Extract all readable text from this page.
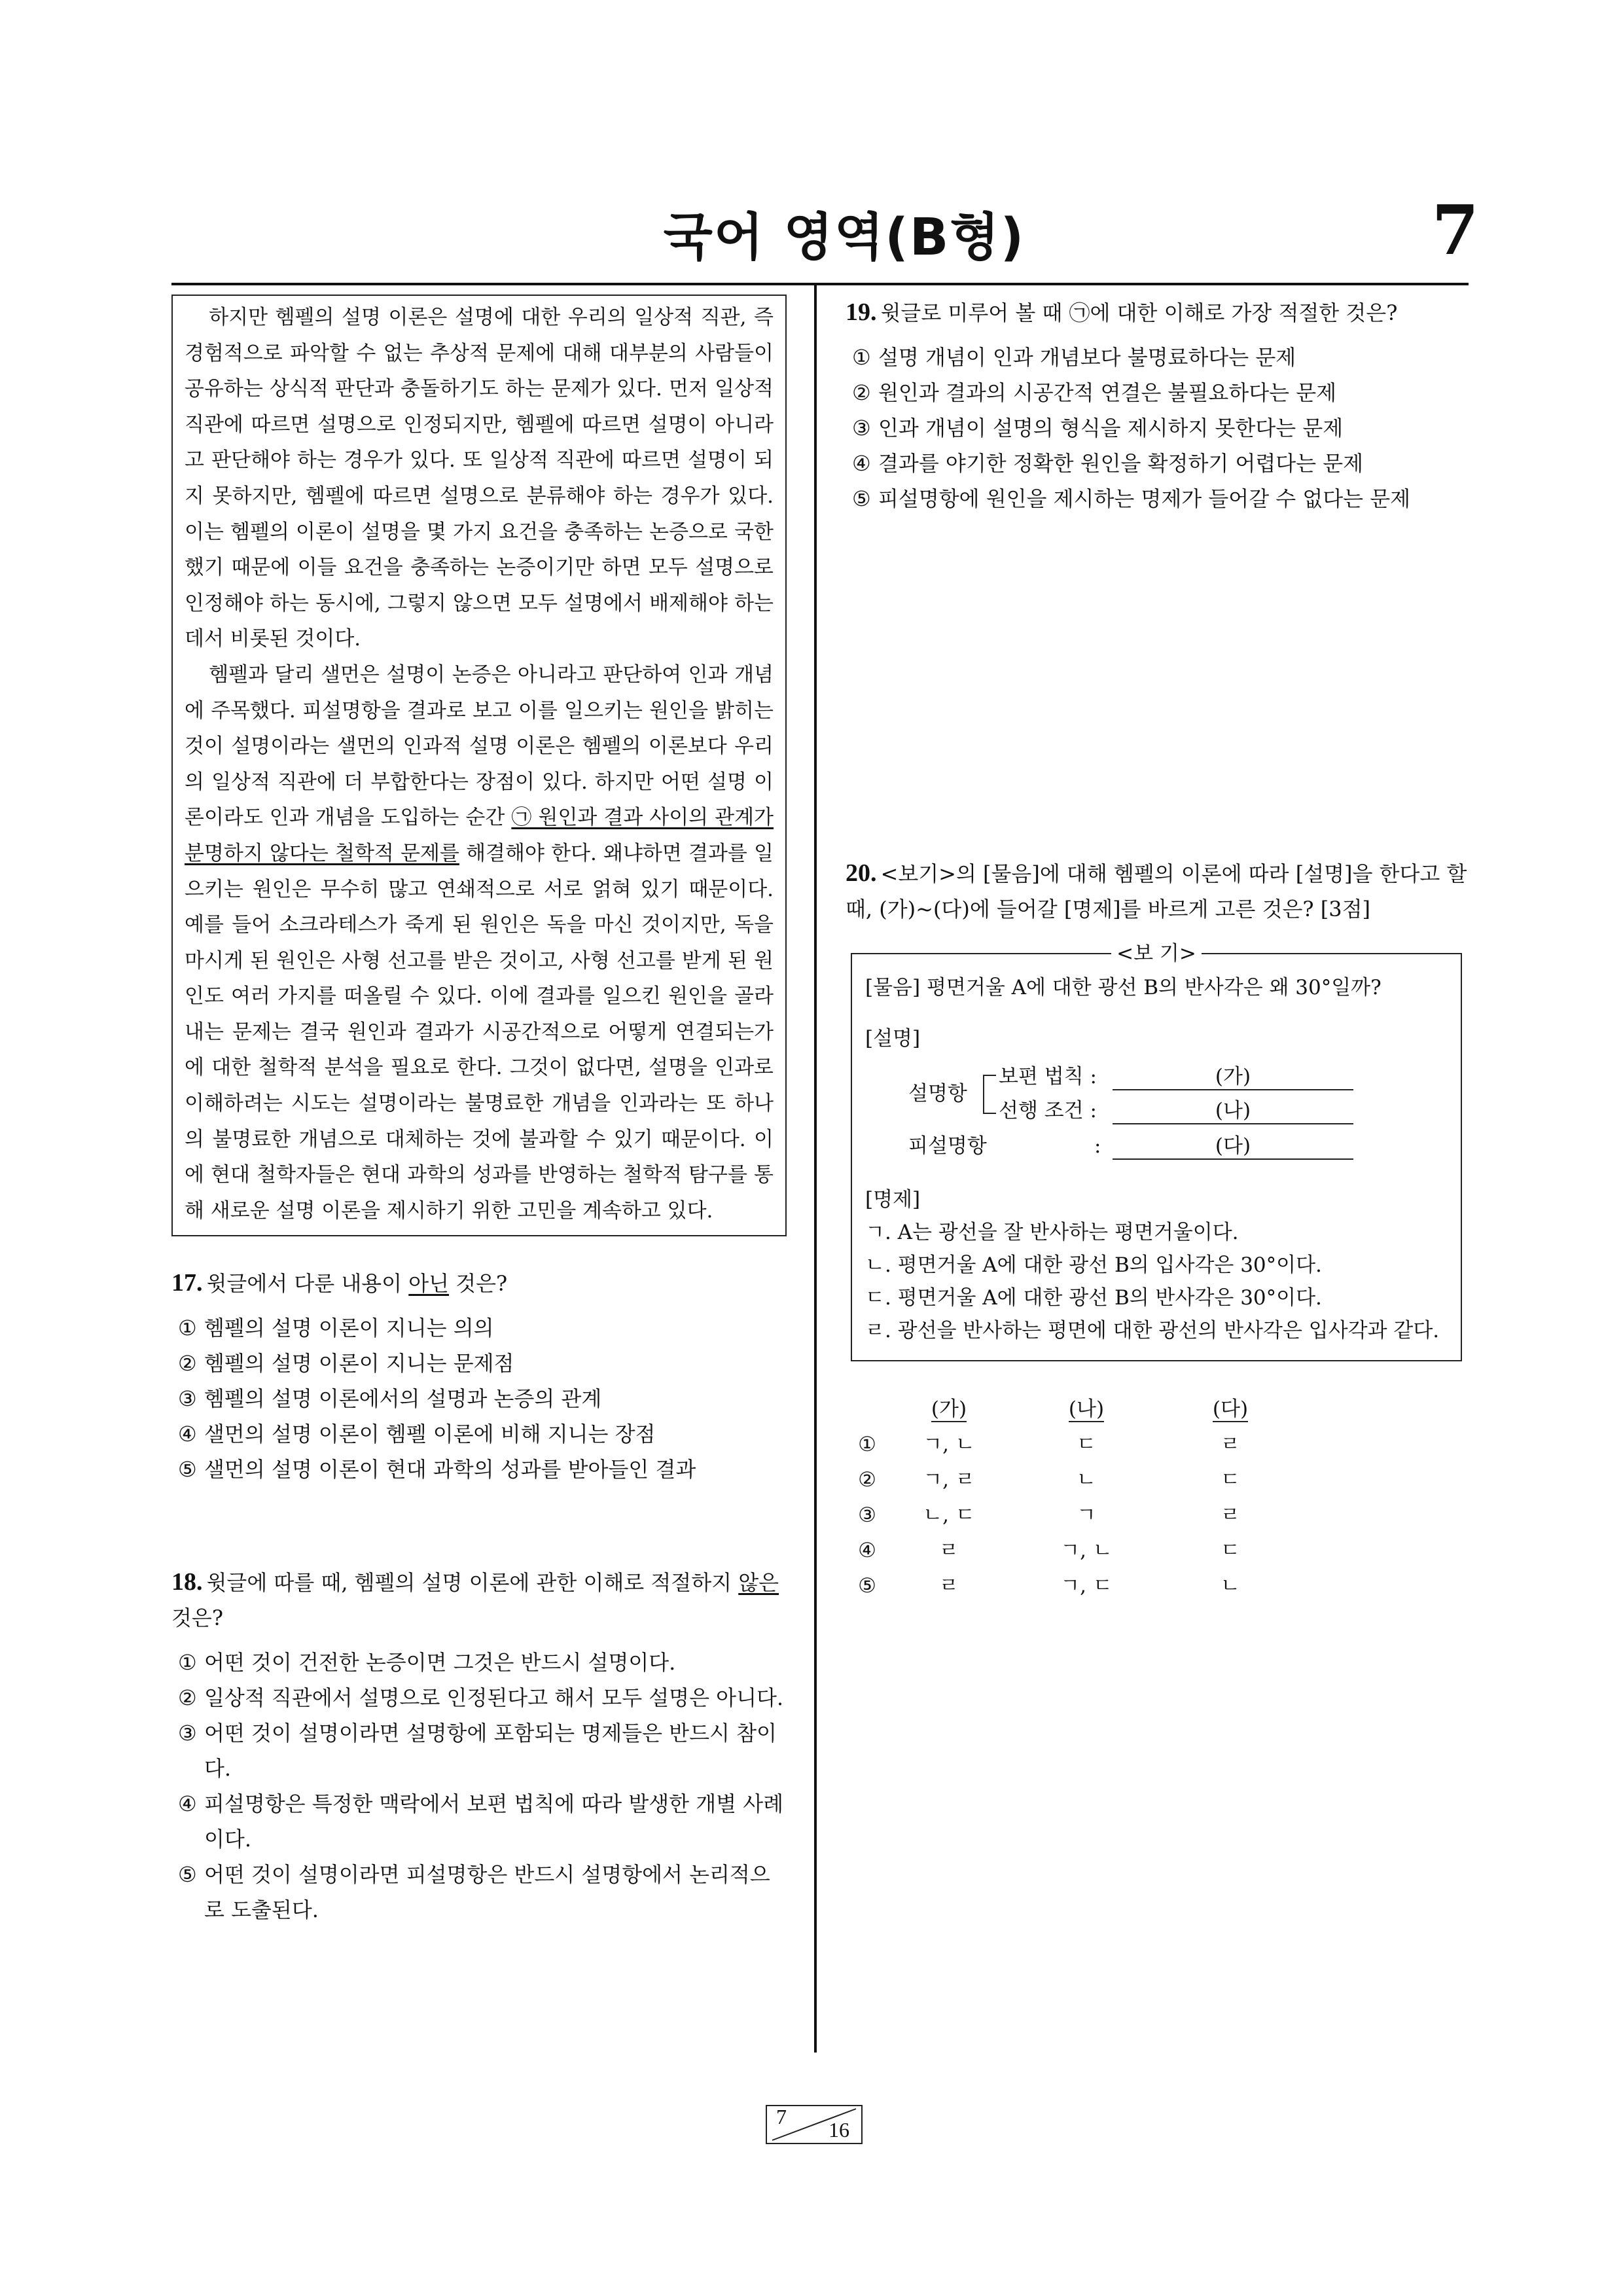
국어 영역(B형)	7

하지만 헴펠의 설명 이론은 설명에 대한 우리의 일상적 직관, 즉 경험적으로 파악할 수 없는 추상적 문제에 대해 대부분의 사람들이 공유하는 상식적 판단과 충돌하기도 하는 문제가 있다. 먼저 일상적 직관에 따르면 설명으로 인정되지만, 헴펠에 따르면 설명이 아니라고 판단해야 하는 경우가 있다. 또 일상적 직관에 따르면 설명이 되지 못하지만, 헴펠에 따르면 설명으로 분류해야 하는 경우가 있다. 이는 헴펠의 이론이 설명을 몇 가지 요건을 충족하는 논증으로 국한했기 때문에 이들 요건을 충족하는 논증이기만 하면 모두 설명으로 인정해야 하는 동시에, 그렇지 않으면 모두 설명에서 배제해야 하는 데서 비롯된 것이다.

헴펠과 달리 샐먼은 설명이 논증은 아니라고 판단하여 인과 개념에 주목했다. 피설명항을 결과로 보고 이를 일으키는 원인을 밝히는 것이 설명이라는 샐먼의 인과적 설명 이론은 헴펠의 이론보다 우리의 일상적 직관에 더 부합한다는 장점이 있다. 하지만 어떤 설명 이론이라도 인과 개념을 도입하는 순간 ㉠ 원인과 결과 사이의 관계가 분명하지 않다는 철학적 문제를 해결해야 한다. 왜냐하면 결과를 일으키는 원인은 무수히 많고 연쇄적으로 서로 얽혀 있기 때문이다. 예를 들어 소크라테스가 죽게 된 원인은 독을 마신 것이지만, 독을 마시게 된 원인은 사형 선고를 받은 것이고, 사형 선고를 받게 된 원인도 여러 가지를 떠올릴 수 있다. 이에 결과를 일으킨 원인을 골라내는 문제는 결국 원인과 결과가 시공간적으로 어떻게 연결되는가에 대한 철학적 분석을 필요로 한다. 그것이 없다면, 설명을 인과로 이해하려는 시도는 설명이라는 불명료한 개념을 인과라는 또 하나의 불명료한 개념으로 대체하는 것에 불과할 수 있기 때문이다. 이에 현대 철학자들은 현대 과학의 성과를 반영하는 철학적 탐구를 통해 새로운 설명 이론을 제시하기 위한 고민을 계속하고 있다.

17. 윗글에서 다룬 내용이 아닌 것은?

① 헴펠의 설명 이론이 지니는 의의
② 헴펠의 설명 이론이 지니는 문제점
③ 헴펠의 설명 이론에서의 설명과 논증의 관계
④ 샐먼의 설명 이론이 헴펠 이론에 비해 지니는 장점
⑤ 샐먼의 설명 이론이 현대 과학의 성과를 받아들인 결과

18. 윗글에 따를 때, 헴펠의 설명 이론에 관한 이해로 적절하지 않은 것은?

① 어떤 것이 건전한 논증이면 그것은 반드시 설명이다.
② 일상적 직관에서 설명으로 인정된다고 해서 모두 설명은 아니다.
③ 어떤 것이 설명이라면 설명항에 포함되는 명제들은 반드시 참이다.
④ 피설명항은 특정한 맥락에서 보편 법칙에 따라 발생한 개별 사례이다.
⑤ 어떤 것이 설명이라면 피설명항은 반드시 설명항에서 논리적으로 도출된다.

19. 윗글로 미루어 볼 때 ㉠에 대한 이해로 가장 적절한 것은?

① 설명 개념이 인과 개념보다 불명료하다는 문제
② 원인과 결과의 시공간적 연결은 불필요하다는 문제
③ 인과 개념이 설명의 형식을 제시하지 못한다는 문제
④ 결과를 야기한 정확한 원인을 확정하기 어렵다는 문제
⑤ 피설명항에 원인을 제시하는 명제가 들어갈 수 없다는 문제

20. <보기>의 [물음]에 대해 헴펠의 이론에 따라 [설명]을 한다고 할 때, (가)~(다)에 들어갈 [명제]를 바르게 고른 것은? [3점]

<보 기>

[물음] 평면거울 A에 대한 광선 B의 반사각은 왜 30°일까?

[설명]

설명항
보편 법칙 :	(가)
선행 조건 :	(나)
피설명항	:	(다)

[명제]

ㄱ. A는 광선을 잘 반사하는 평면거울이다.

ㄴ. 평면거울 A에 대한 광선 B의 입사각은 30°이다.

ㄷ. 평면거울 A에 대한 광선 B의 반사각은 30°이다.

ㄹ. 광선을 반사하는 평면에 대한 광선의 반사각은 입사각과 같다.

	(가)	(나)	(다)
①	ㄱ, ㄴ	ㄷ	ㄹ
②	ㄱ, ㄹ	ㄴ	ㄷ
③	ㄴ, ㄷ	ㄱ	ㄹ
④	ㄹ	ㄱ, ㄴ	ㄷ
⑤	ㄹ	ㄱ, ㄷ	ㄴ
7
16
